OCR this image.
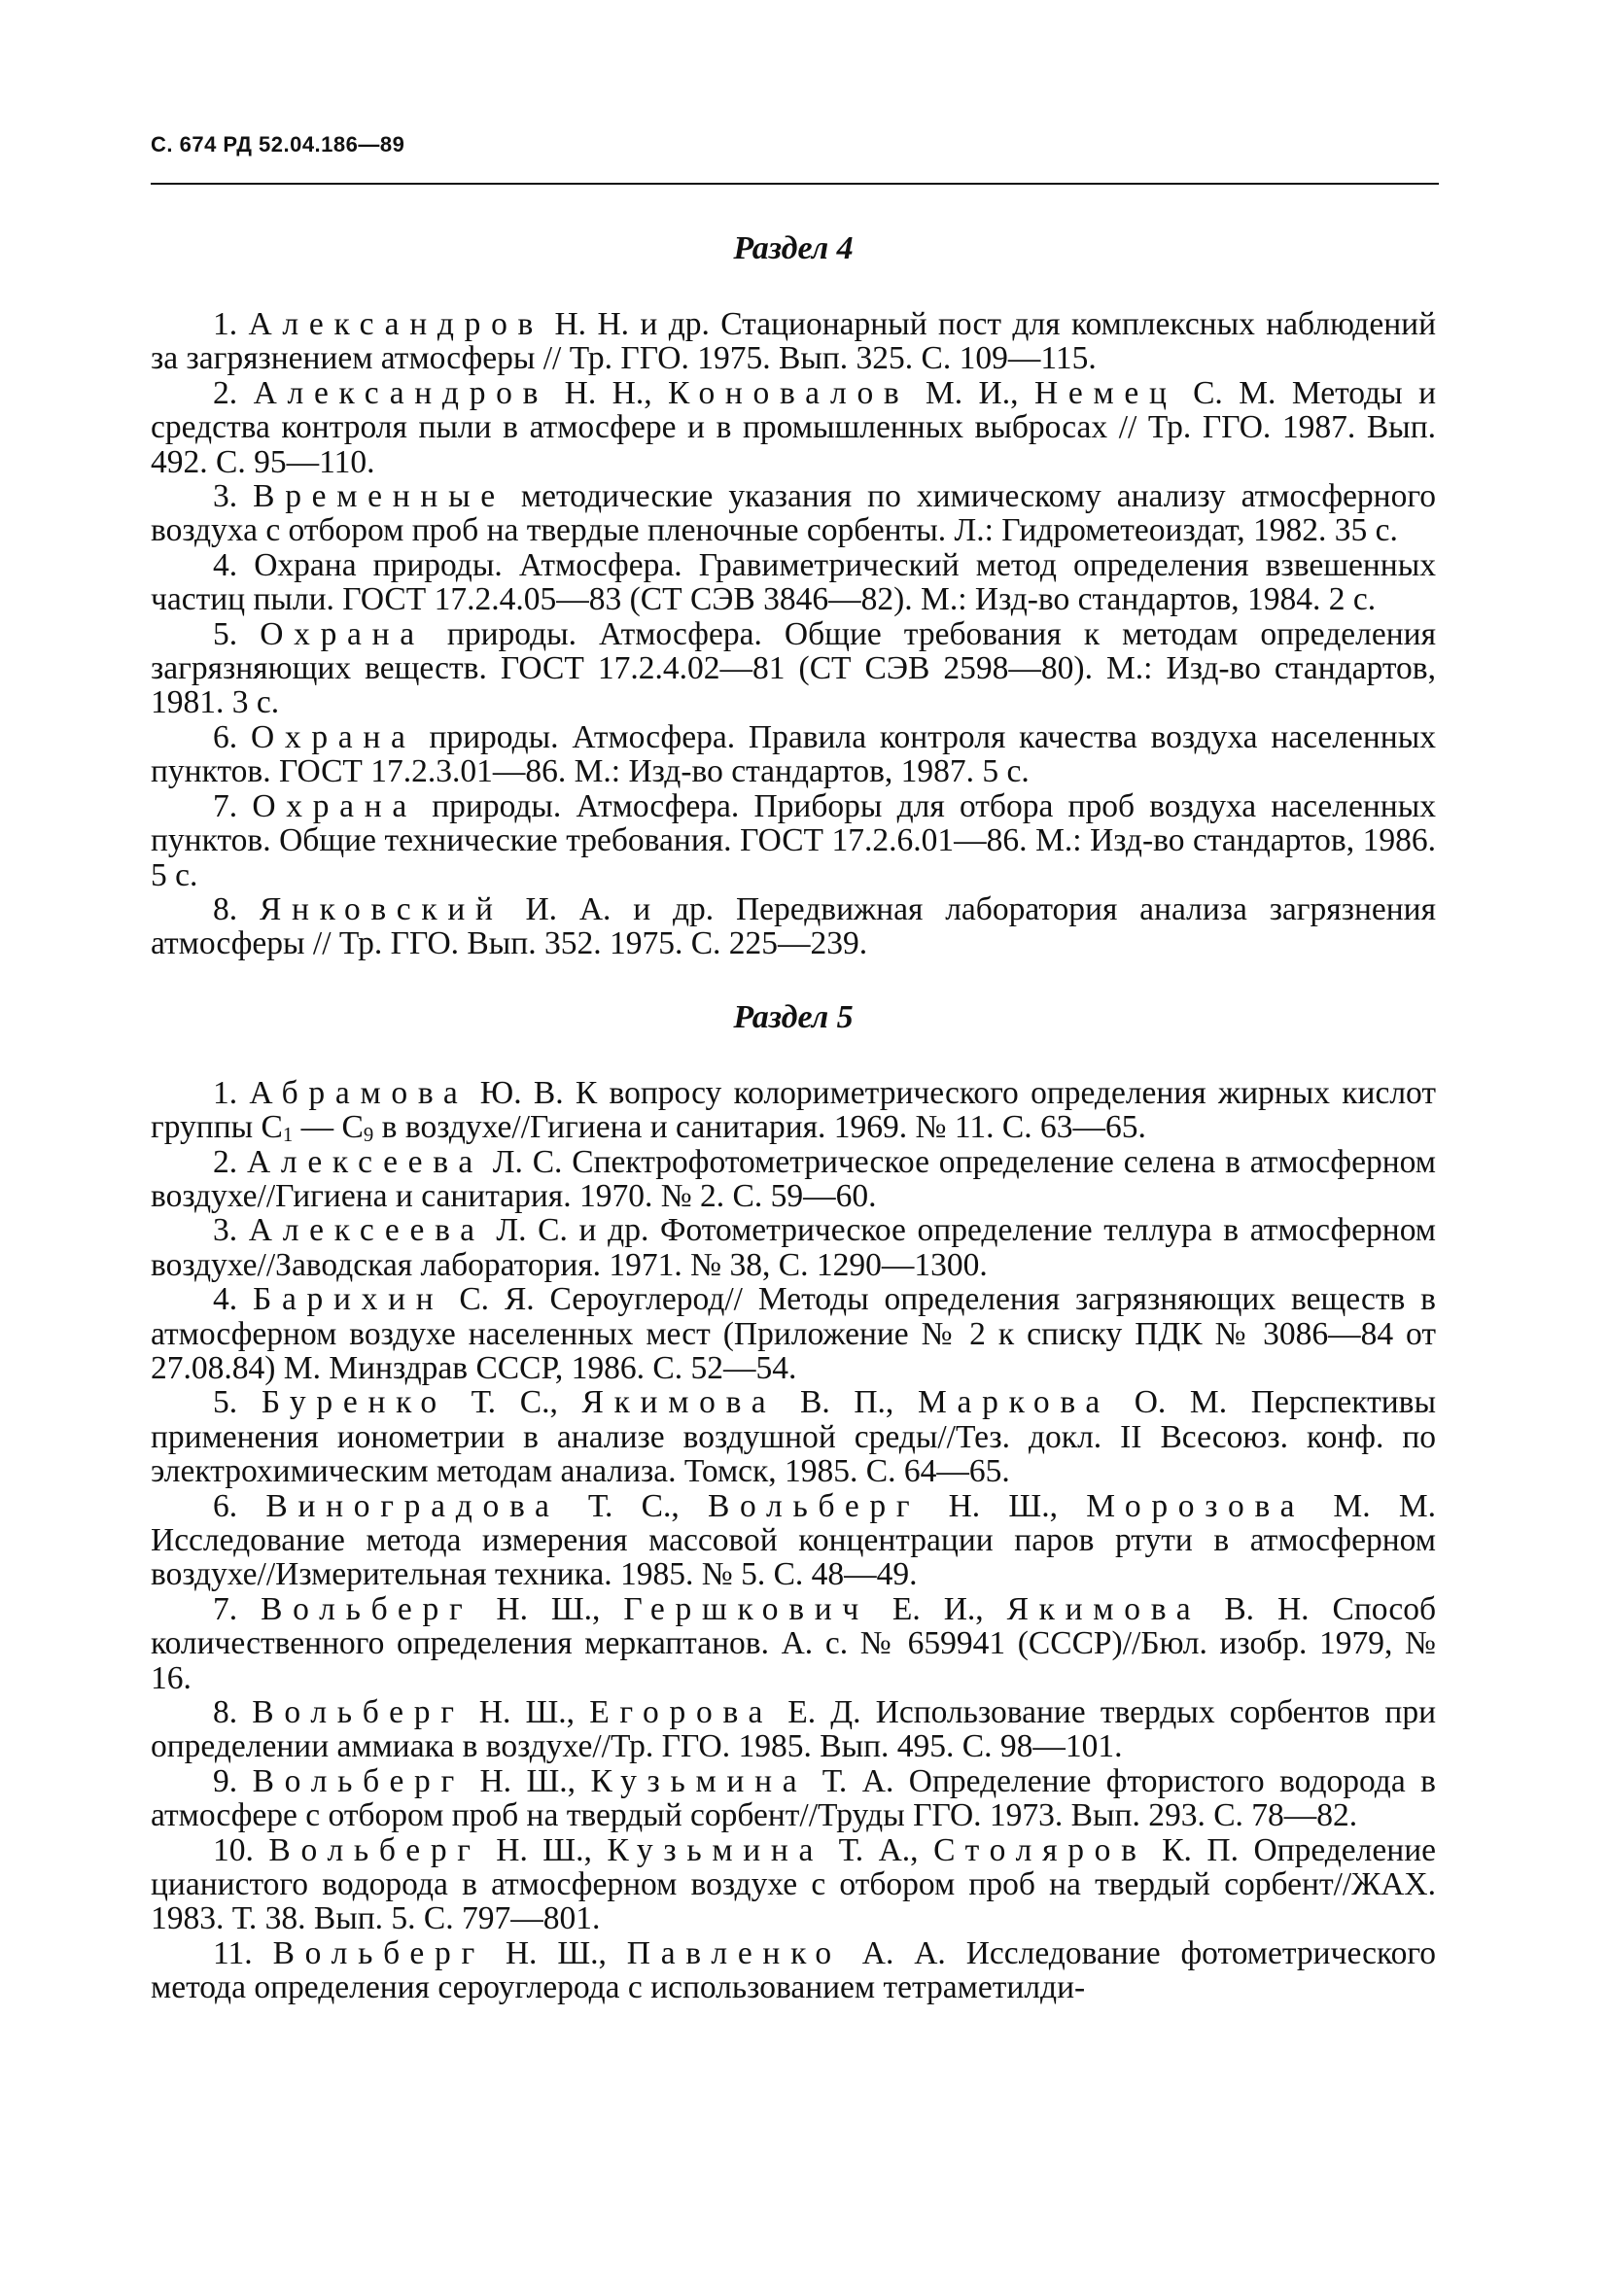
С. 674 РД 52.04.186—89
Раздел 4

1. Александров Н. Н. и др. Стационарный пост для комплексных наблюдений за загрязнением атмосферы // Тр. ГГО. 1975. Вып. 325. С. 109—115.

2. Александров Н. Н., Коновалов М. И., Немец С. М. Методы и средства контроля пыли в атмосфере и в промышленных выбросах // Тр. ГГО. 1987. Вып. 492. С. 95—110.

3. Временные методические указания по химическому анализу атмосферного воздуха с отбором проб на твердые пленочные сорбенты. Л.: Гидрометеоиздат, 1982. 35 с.

4. Охрана природы. Атмосфера. Гравиметрический метод определения взвешенных частиц пыли. ГОСТ 17.2.4.05—83 (СТ СЭВ 3846—82). М.: Изд-во стандартов, 1984. 2 с.

5. Охрана природы. Атмосфера. Общие требования к методам определения загрязняющих веществ. ГОСТ 17.2.4.02—81 (СТ СЭВ 2598—80). М.: Изд-во стандартов, 1981. 3 с.

6. Охрана природы. Атмосфера. Правила контроля качества воздуха населенных пунктов. ГОСТ 17.2.3.01—86. М.: Изд-во стандартов, 1987. 5 с.

7. Охрана природы. Атмосфера. Приборы для отбора проб воздуха населенных пунктов. Общие технические требования. ГОСТ 17.2.6.01—86. М.: Изд-во стандартов, 1986. 5 с.

8. Янковский И. А. и др. Передвижная лаборатория анализа загрязнения атмосферы // Тр. ГГО. Вып. 352. 1975. С. 225—239.

Раздел 5

1. Абрамова Ю. В. К вопросу колориметрического определения жирных кислот группы $С_1$ — $С_9$ в воздухе//Гигиена и санитария. 1969. № 11. С. 63—65.

2. Алексеева Л. С. Спектрофотометрическое определение селена в атмосферном воздухе//Гигиена и санитария. 1970. № 2. С. 59—60.

3. Алексеева Л. С. и др. Фотометрическое определение теллура в атмосферном воздухе//Заводская лаборатория. 1971. № 38, С. 1290—1300.

4. Барихин С. Я. Сероуглерод// Методы определения загрязняющих веществ в атмосферном воздухе населенных мест (Приложение № 2 к списку ПДК № 3086—84 от 27.08.84) М. Минздрав СССР, 1986. С. 52—54.

5. Буренко Т. С., Якимова В. П., Маркова О. М. Перспективы применения ионометрии в анализе воздушной среды//Тез. докл. II Всесоюз. конф. по электрохимическим методам анализа. Томск, 1985. С. 64—65.

6. Виноградова Т. С., Вольберг Н. Ш., Морозова М. М. Исследование метода измерения массовой концентрации паров ртути в атмосферном воздухе//Измерительная техника. 1985. № 5. С. 48—49.

7. Вольберг Н. Ш., Гершкович Е. И., Якимова В. Н. Способ количественного определения меркаптанов. А. с. № 659941 (СССР)//Бюл. изобр. 1979, № 16.

8. Вольберг Н. Ш., Егорова Е. Д. Использование твердых сорбентов при определении аммиака в воздухе//Тр. ГГО. 1985. Вып. 495. С. 98—101.

9. Вольберг Н. Ш., Кузьмина Т. А. Определение фтористого водорода в атмосфере с отбором проб на твердый сорбент//Труды ГГО. 1973. Вып. 293. С. 78—82.

10. Вольберг Н. Ш., Кузьмина Т. А., Столяров К. П. Определение цианистого водорода в атмосферном воздухе с отбором проб на твердый сорбент//ЖАХ. 1983. Т. 38. Вып. 5. С. 797—801.

11. Вольберг Н. Ш., Павленко А. А. Исследование фотометрического метода определения сероуглерода с использованием тетраметилди-
